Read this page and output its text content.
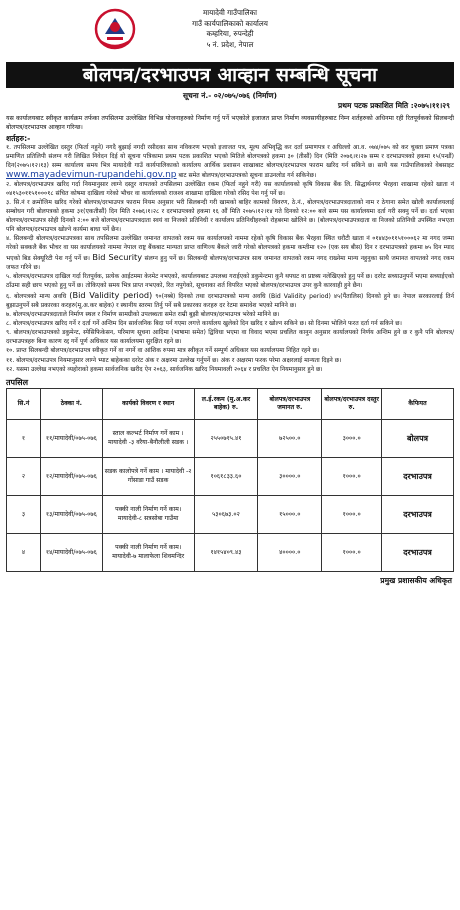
मायादेवी गाउँपालिका
गाउँ कार्यपालिकाको कार्यालय
कम्हरिया, रुपन्देही
५ नं. प्रदेश, नेपाल
बोलपत्र/दरभाउपत्र आव्हान सम्बन्धि सूचना
सूचना नं.- ०२/०७५/०७६ (निर्माण)
प्रथम पटक प्रकाशित मिति :२०७५।११।२९
यस कार्यालयबाट स्वीकृत कार्यक्रम तर्फका तपसिलमा उल्लेखित विभिन्न योजनाहरुको निर्माण गर्नु पर्ने भएकोले इजाजत प्राप्त निर्माण व्यवसायीहरुबाट निम्न शर्तहरुको अधिनमा रही रितपूर्वकको सिलबन्दी बोलपत्र/दरभाउपत्र आव्हान गरिन्छ।
शर्तहरु:-

१. तपसिलमा उल्लेखित दस्तुर (फिर्ता नहुने) नगदै बुझाई नगदी रसीदका साथ नविकरण भएको इजाजत पत्र, मूल्य अभिवृद्धि कर दर्ता प्रमाणपत्र र अघिल्लो आ.व. ०७४/०७५ को कर चुक्ता प्रमाण पत्रका प्रमाणित प्रतिलिपी संलग्न गरी लिखित निवेदन दिई यो सूचना पत्रिकामा प्रथम पटक प्रकाशित भएको मितिले बोलपत्रको हकमा ३० (तीसौं) दिन (मिति २०७६।१।२७ सम्म र दरभाउपत्रको हकमा १५(पन्ध्रौं) दिन(२०७५।१२।१३) सम्म कार्यालय समय भित्र मायादेवी गाउँ कार्यपालिकाको कार्यालय आर्थिक प्रशासन शाखाबाट बोलपत्र/दरभाउपत्र फाराम खरिद गर्न सकिने छ। साथै यस गाउँपालिकाको वेबसाइट www.mayadevimun-rupandehi.gov.np बाट समेत बोलपत्र/दरभाउपत्रको सूचना डाउनलोड गर्न सकिनेछ।

२. बोलपत्र/दरभाउपत्र खरिद गर्दा नियमानुसार लाग्ने दस्तुर वापतको तपसिलमा उल्लेखित रकम (फिर्ता नहुने गरी) यस कार्यालयको कृषि विकास बैंक लि. सिद्धार्थनगर भैरहवा शाखामा रहेको खाता नं ०४१५३०११५१०००१८ संचित कोषमा दाखिला गरेको भौचर वा कार्यालयको राजश्व शाखामा दाखिला गरेको रसिद पेश गर्नु पर्ने छ।

३. सि.नं र क्रमोजिम खरिद गरेको बोलपत्र/दरभाउपत्र फाराम नियम अनुसार भरी सिलबन्दी गरी खामको बाहिर कामको विवरण, ठे.नं., बोलपत्र/दरभाउपत्रदाताको नाम र ठेगाना समेत खोली कार्यालयलाई सम्बोधन गरी बोलपत्रको हकमा ३१(एकतीसौं) दिन मिति २०७६।१।२८ र दरभाउपत्रको हकमा १६ औं मिति २०७५।१२।१४ गते दिनको १२:०० बजे सम्म यस कार्यालयमा दर्ता गरी सक्नु पर्ने छ। दर्ता भएका बोलपत्र/दरभाउपत्र सोही दिनको २:०० बजे बोलपत्र/दरभाउपत्रदाता स्वयं वा निजको प्रतिनिधी र कार्यालय प्रतिनिधीहरुको रोहबरमा खोलिने छ। (बोलपत्र/दरभाउपत्रदाता वा निजको प्रतिनिधी उपस्थित नभएता पनि बोलपत्र/दरभाउपत्र खोल्ने कार्यमा बाधा पर्ने छैन।

४. सिलबन्दी बोलपत्र/दरभाउपत्रका साथ तपसिलमा उल्लेखित जमानत वापतको रकम यस कार्यालयको नाममा रहेको कृषि विकास बैंक भैरहवा स्थित धरौटी खाता नं ०१४४३०११५१०००६२ मा नगद जम्मा गरेको सक्कलै बैंक भौचर वा यस कार्यालयको नाममा नेपाल राष्ट्र बैंकबाट मान्यता प्राप्त वाणिज्य बैंकले जारी गरेको बोलपत्रको हकमा कम्तीमा १२० (एक सय बीस) दिन र दरभाउपत्रको हकमा ७५ दिन म्याद भएको बिड सेक्यूरिटी पेश गर्नु पर्ने छ। Bid Security संलग्न हुनु पर्ने छ। सिलबन्दी बोलपत्र/दरभाउपत्र साथ जमानत वापतको रकम नगद राख्नेमा मान्य नहुनुका साथै जमानत वापतको नगद रकम जफत गरिने छ।

५. बोलपत्र/दरभाउपत्र दाखिल गर्दा रितपूर्वक, प्रत्येक आईटममा केरमेट नभएको, कार्यालयबाट उपलब्ध गराईएको डकुमेन्टमा कुनै थपघट वा प्रष्टब्य नलेखिएको हुनु पर्ने छ। दररेट सच्याउनुपर्ने भएमा सच्याईएको ठाँउमा सही छाप भएको हुनु पर्ने छ। तोकिएको समय भित्र प्राप्त नभएको, रित नपुगेको, सूचनाका शर्त विपरित भएको बोलपत्र/दरभाउपत्र उपर कुनै कारवाही हुने छैन।

६. बोलपत्रको मान्य अवधि (Bid Validity period) ९०(नब्बे) दिनको तथा दरभाउपत्रको मान्य अवधि (Bid Validity period) ४५(पैंतालिस) दिनको हुने छ। नेपाल सरकारलाई तिर्न बुझाउनुपर्ने सबै प्रकारका करहरु(मू.अ.कर बाहेक) र स्थानीय स्तरमा तिर्नु पर्ने सबै प्रकारका करहरु दर रेटमा समावेश भएको मानिने छ।

७. बोलपत्र/दरभाउपत्रदाताले निर्माण स्थल र निर्माण सामग्रीको उपलब्धता समेत राम्री बुझी बोलपत्र/दरभाउपत्र भरेको मानिने छ।

८. बोलपत्र/दरभाउपत्र खरिद गर्ने र दर्ता गर्ने अन्तिम दिन सार्वजनिक बिदा पर्न गएमा लगत्ते कार्यालय खुलेको दिन खरिद र खोल्न सकिने छ। सो दिनमा भोलिने फरत दर्ता गर्न सकिने छ।

९. बोलपत्र/दरभाउपत्रको डकुमेन्ट, स्पेसिफिकेसन, परिमाण सूचना आदिमा (भाषामा समेत) द्विविधा भएमा वा विवाद भएमा प्रचलित कानुन अनुसार कार्यालयको निर्णय अन्तिम हुने छ र कुनै पनि बोलपत्र/दरभाउपत्रहरु बिना कारण रद्द गर्ने पूर्ण अधिकार यस कार्यालयमा सुरक्षित रहने छ।

१०. प्राप्त सिलबन्दी बोलपत्र/दरभाउपत्र स्वीकृत गर्ने वा नगर्ने वा आंशिक रुपमा मात्र स्वीकृत गर्ने सम्पूर्ण अधिकार यस कार्यालयमा निहित रहने छ।

११. बोलपत्र/दरभाउपत्र नियमानुसार लाग्ने भ्याट बाहेकका दररेट अंक र अक्षरमा उल्लेख गर्नुपर्ने छ। अंक र अक्षरमा फरक परेमा अक्षरलाई मान्यता दिइने छ।

१२. यसमा उल्लेख नभएको व्यहोराको हकमा सार्वजनिक खरीद ऐन २०६३, सार्वजनिक खरिद नियमावली २०६४ र प्रचलित ऐन नियमानुसार हुने छ।

तपसिल
सि.नं	ठेक्का नं.	कार्यको विवरण र स्थान	ल.ई.रकम (मु.अ.कर बाहेक) रु.	बोलपत्र/दरभाउपत्र जमानत रु.	बोलपत्र/दरभाउपत्र दस्तुर रु.	कैफियत
१	११/मायादेवी/०७५-०७६	स्ताल कल्भर्ट निर्माण गर्ने काम । मायादेवी -३ वरैया-बैनौलीली सडक ।	२५५०७१५.४१	७२५००.०	३०००.०	बोलपत्र
२	१२/मायादेवी/०७५-०७६	सडक कालोपत्रे गर्ने काम । मायादेवी -२ गोंसाडा गाउँ सडक	१०६१८३३.६०	३००००.०	१०००.०	दरभाउपत्र
३	१३/मायादेवी/०७५-०७६	पक्की नाली निर्माण गर्ने काम। मायादेवी-८ सत्रसोबा गाउँमा	५३०६७३.०२	१५०००.०	१०००.०	दरभाउपत्र
४	१४/मायादेवी/०७५-०७६	पक्की नाली निर्माण गर्ने काम। मायादेवी-७ मालाफेला शिवमन्दिर	१४१५४०९.४३	४००००.०	१०००.०	दरभाउपत्र
प्रमुख प्रशासकीय अधिकृत
